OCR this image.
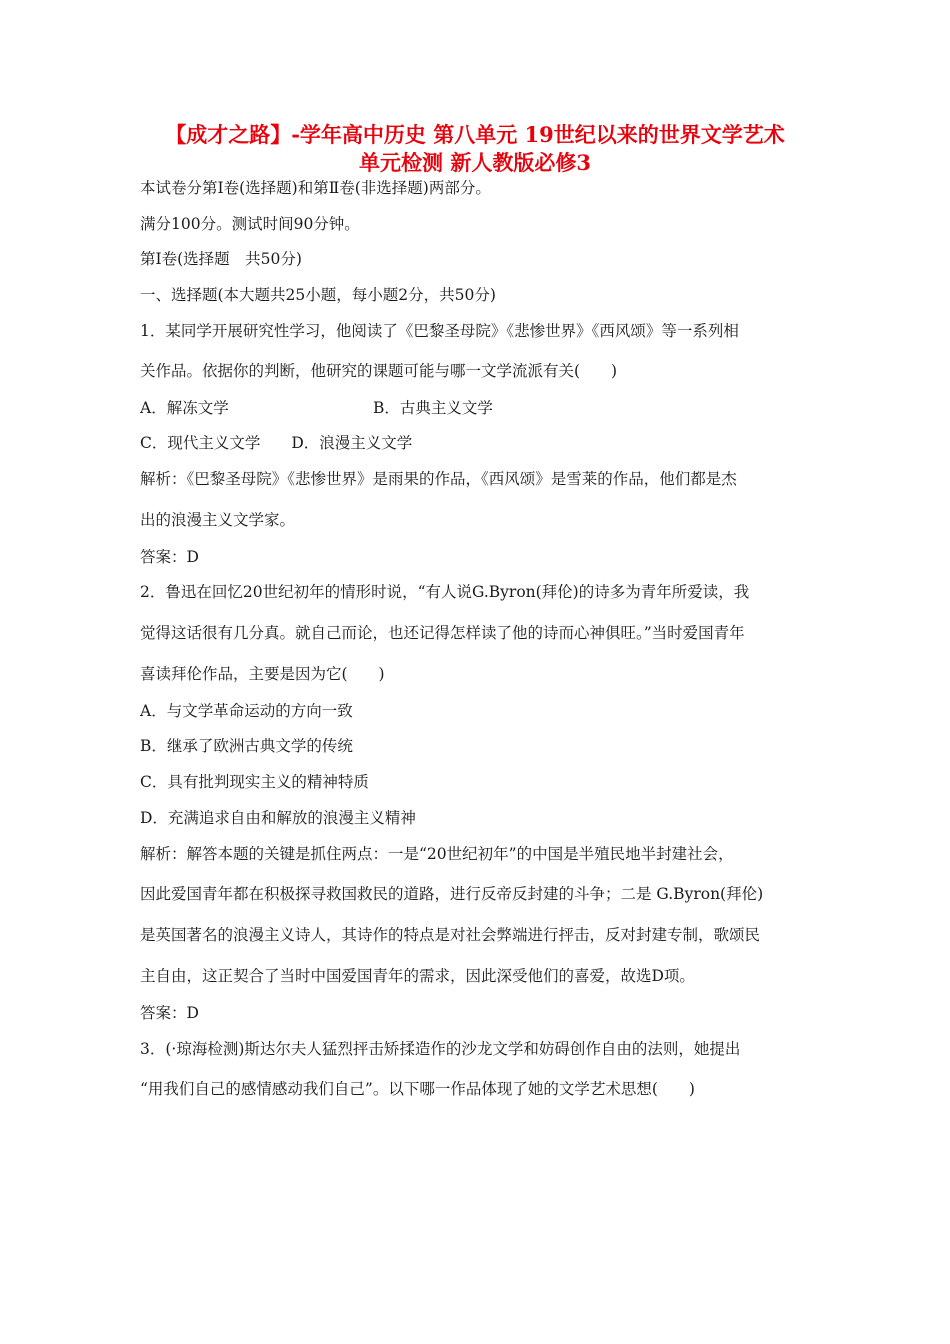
【成才之路】-学年高中历史 第八单元 19世纪以来的世界文学艺术
单元检测 新人教版必修3

本试卷分第Ⅰ卷(选择题)和第Ⅱ卷(非选择题)两部分。

满分100分。测试时间90分钟。

第Ⅰ卷(选择题　共50分)

一、选择题(本大题共25小题，每小题2分，共50分)

1．某同学开展研究性学习，他阅读了《巴黎圣母院》《悲惨世界》《西风颂》等一系列相

关作品。依据你的判断，他研究的课题可能与哪一文学流派有关(　　)

A．解冻文学	B．古典主义文学

C．现代主义文学　　D．浪漫主义文学

解析：《巴黎圣母院》《悲惨世界》是雨果的作品，《西风颂》是雪莱的作品，他们都是杰

出的浪漫主义文学家。

答案：D

2．鲁迅在回忆20世纪初年的情形时说，“有人说G.Byron(拜伦)的诗多为青年所爱读，我

觉得这话很有几分真。就自己而论，也还记得怎样读了他的诗而心神俱旺。”当时爱国青年

喜读拜伦作品，主要是因为它(　　)

A．与文学革命运动的方向一致

B．继承了欧洲古典文学的传统

C．具有批判现实主义的精神特质

D．充满追求自由和解放的浪漫主义精神

解析：解答本题的关键是抓住两点：一是“20世纪初年”的中国是半殖民地半封建社会，

因此爱国青年都在积极探寻救国救民的道路，进行反帝反封建的斗争；二是 G.Byron(拜伦)

是英国著名的浪漫主义诗人，其诗作的特点是对社会弊端进行抨击，反对封建专制，歌颂民

主自由，这正契合了当时中国爱国青年的需求，因此深受他们的喜爱，故选D项。

答案：D

3．(·琼海检测)斯达尔夫人猛烈抨击矫揉造作的沙龙文学和妨碍创作自由的法则，她提出

“用我们自己的感情感动我们自己”。以下哪一作品体现了她的文学艺术思想(　　)
